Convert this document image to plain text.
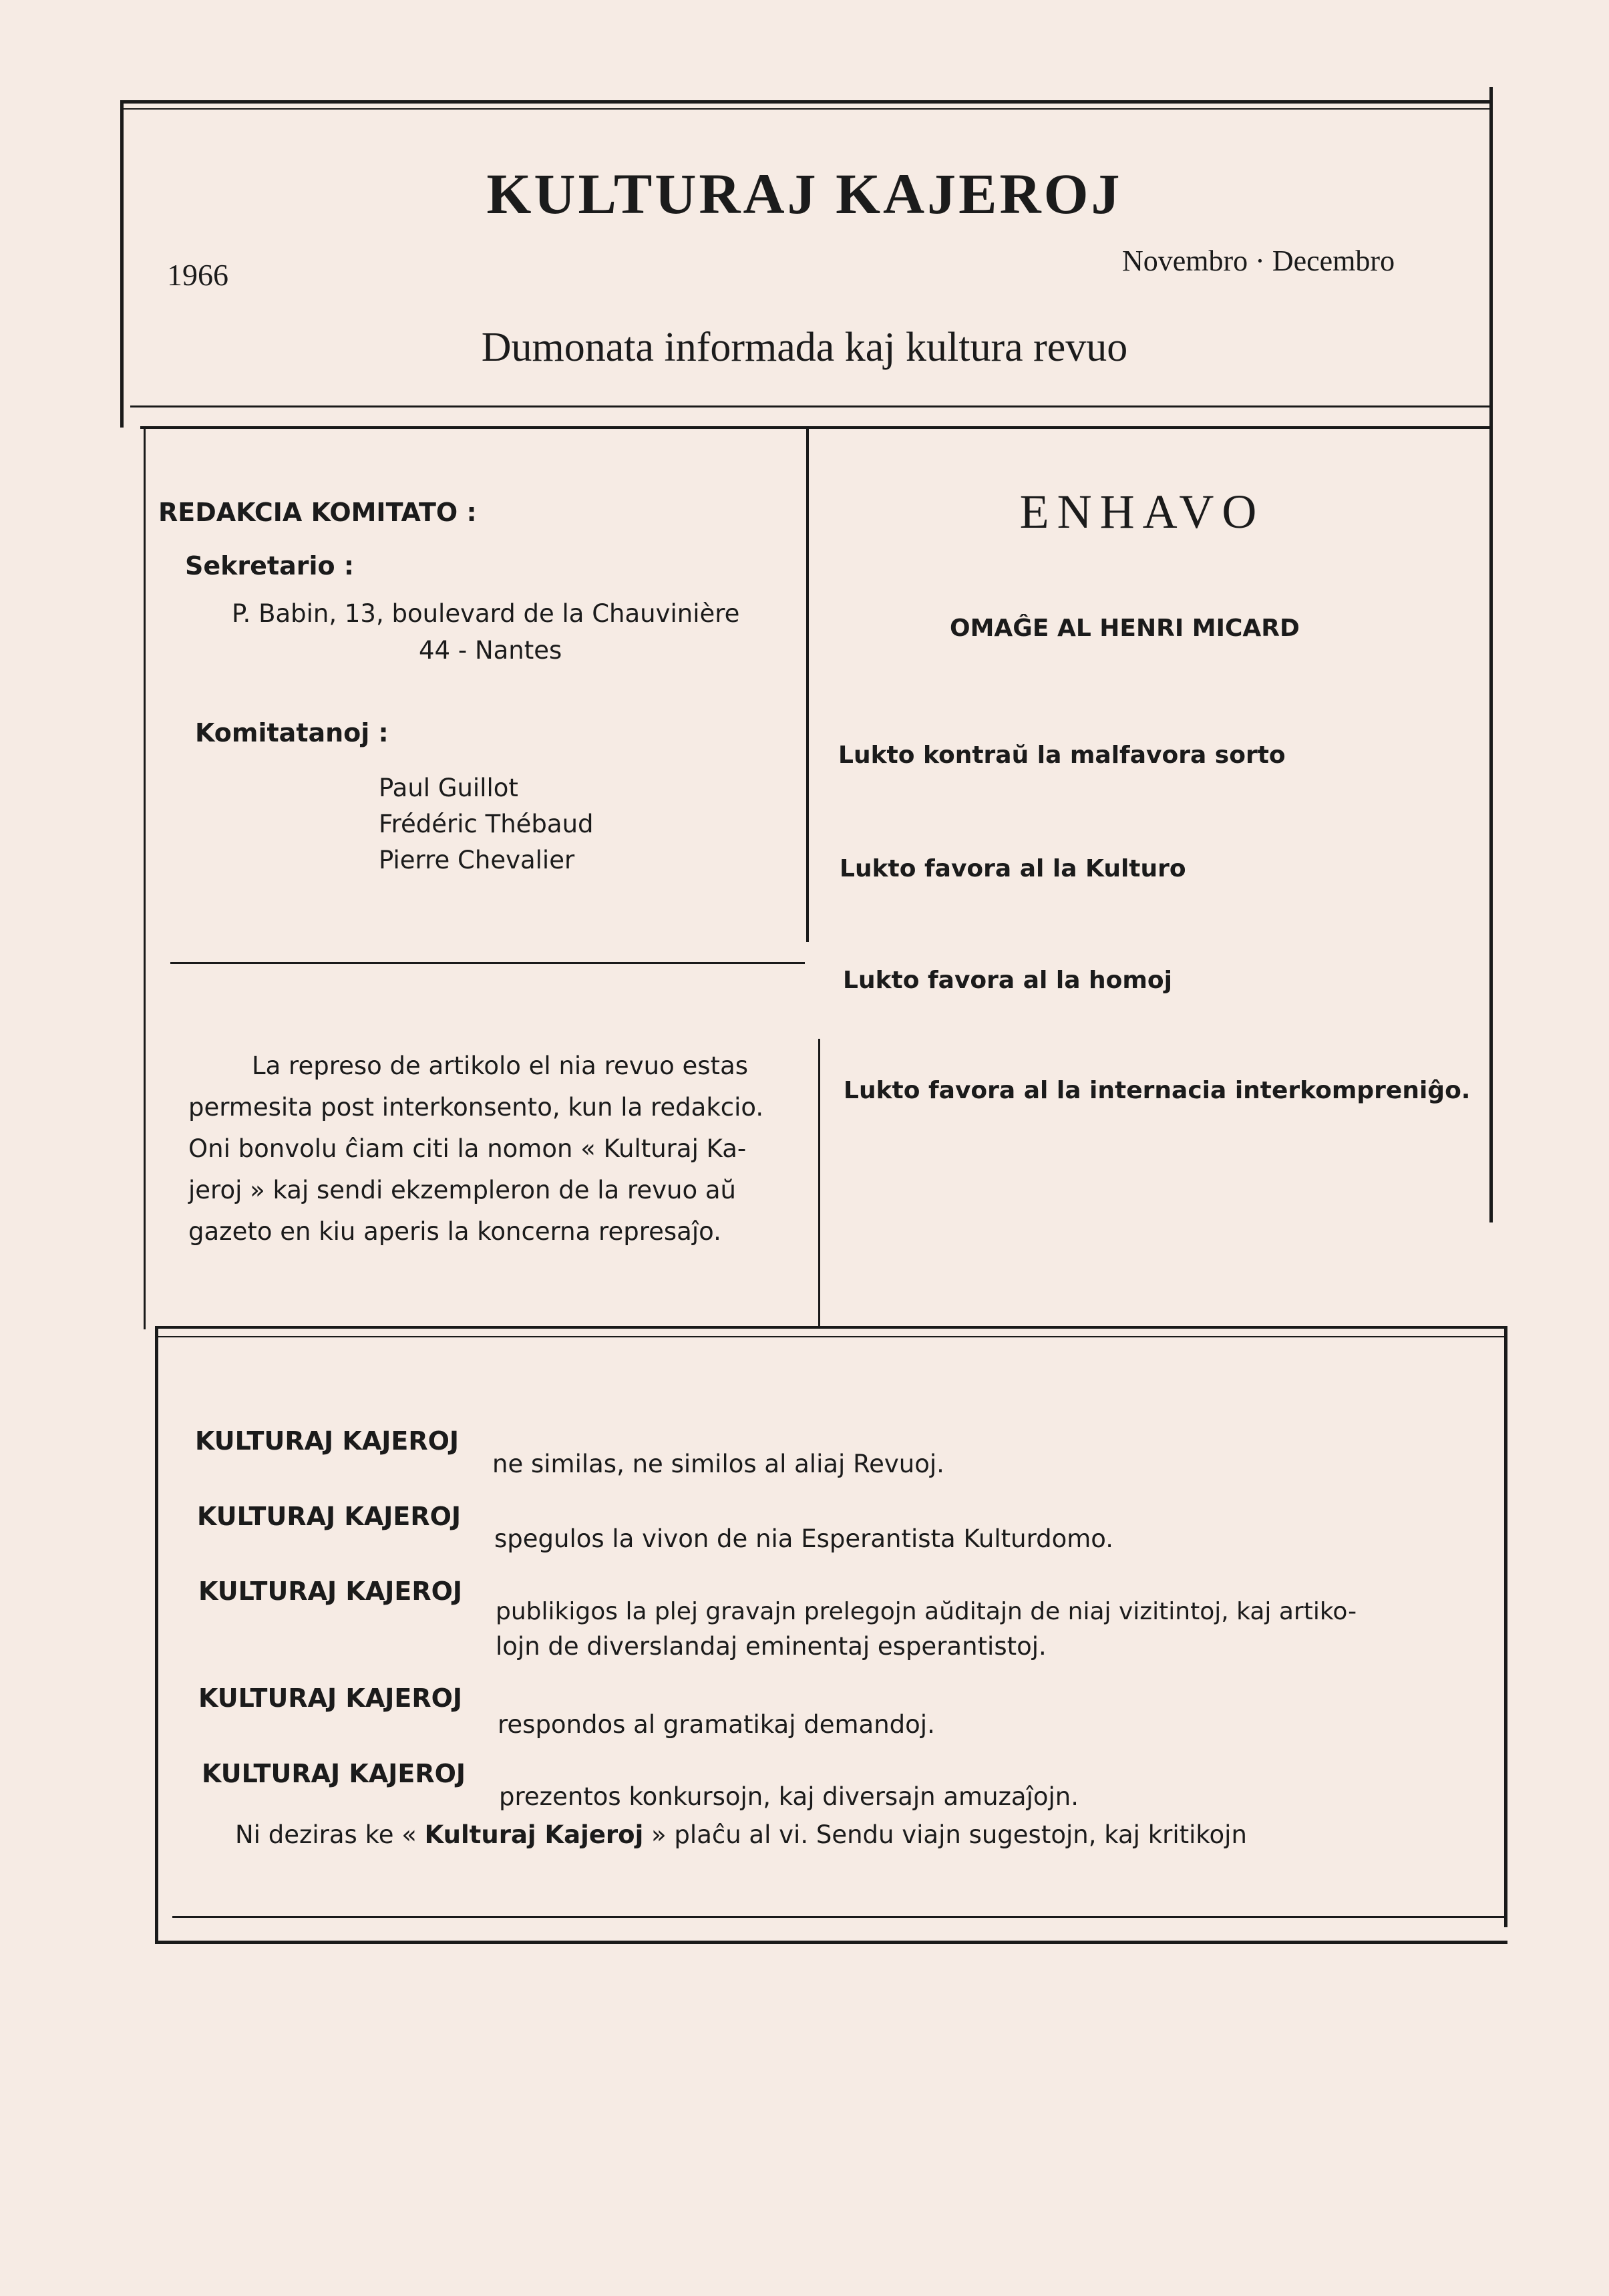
KULTURAJ KAJEROJ
1966	Novembro · Decembro
Dumonata informada kaj kultura revuo
REDAKCIA KOMITATO :
Sekretario :
P. Babin, 13, boulevard de la Chauvinière
44 - Nantes
Komitatanoj :
Paul Guillot
Frédéric Thébaud
Pierre Chevalier
La represo de artikolo el nia revuo estas
permesita post interkonsento, kun la redakcio.
Oni bonvolu ĉiam citi la nomon « Kulturaj Ka-
jeroj » kaj sendi ekzempleron de la revuo aŭ
gazeto en kiu aperis la koncerna represaĵo.
ENHAVO
OMAĜE AL HENRI MICARD
Lukto kontraŭ la malfavora sorto
Lukto favora al la Kulturo
Lukto favora al la homoj
Lukto favora al la internacia interkompreniĝo.
KULTURAJ KAJEROJ
ne similas, ne similos al aliaj Revuoj.
KULTURAJ KAJEROJ
spegulos la vivon de nia Esperantista Kulturdomo.
KULTURAJ KAJEROJ
publikigos la plej gravajn prelegojn aŭditajn de niaj vizitintoj, kaj artiko-
lojn de diverslandaj eminentaj esperantistoj.
KULTURAJ KAJEROJ
respondos al gramatikaj demandoj.
KULTURAJ KAJEROJ
prezentos konkursojn, kaj diversajn amuzaĵojn.
Ni deziras ke « Kulturaj Kajeroj » plaĉu al vi. Sendu viajn sugestojn, kaj kritikojn
